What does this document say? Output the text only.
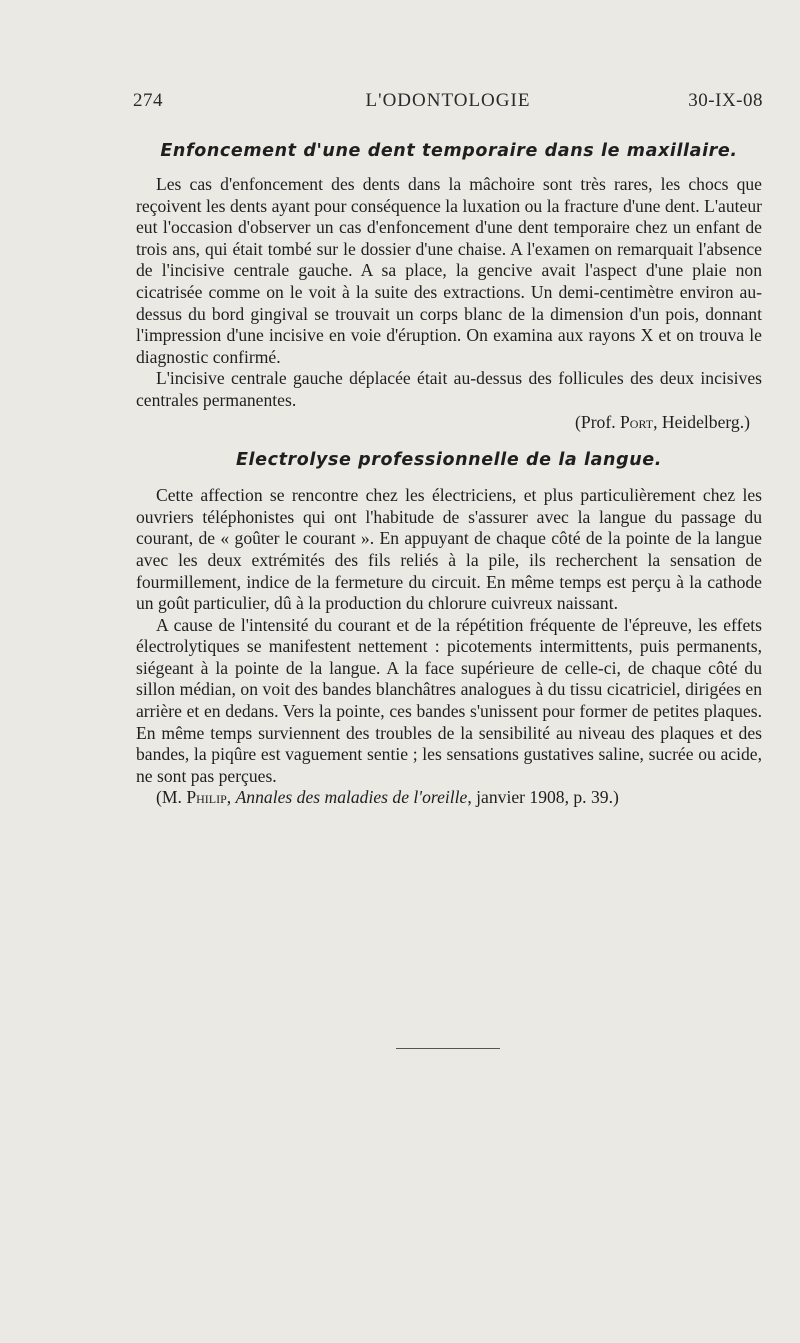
274	L'ODONTOLOGIE	30-IX-08
Enfoncement d'une dent temporaire dans le maxillaire.

Les cas d'enfoncement des dents dans la mâchoire sont très rares, les chocs que reçoivent les dents ayant pour conséquence la luxation ou la fracture d'une dent. L'auteur eut l'occasion d'observer un cas d'enfoncement d'une dent temporaire chez un enfant de trois ans, qui était tombé sur le dossier d'une chaise. A l'examen on remarquait l'absence de l'incisive centrale gauche. A sa place, la gencive avait l'aspect d'une plaie non cicatrisée comme on le voit à la suite des extractions. Un demi-centimètre environ au-dessus du bord gingival se trouvait un corps blanc de la dimension d'un pois, donnant l'impression d'une incisive en voie d'éruption. On examina aux rayons X et on trouva le diagnostic confirmé.

L'incisive centrale gauche déplacée était au-dessus des follicules des deux incisives centrales permanentes.

(Prof. Port, Heidelberg.)

Electrolyse professionnelle de la langue.

Cette affection se rencontre chez les électriciens, et plus particulièrement chez les ouvriers téléphonistes qui ont l'habitude de s'assurer avec la langue du passage du courant, de « goûter le courant ». En appuyant de chaque côté de la pointe de la langue avec les deux extrémités des fils reliés à la pile, ils recherchent la sensation de fourmillement, indice de la fermeture du circuit. En même temps est perçu à la cathode un goût particulier, dû à la production du chlorure cuivreux naissant.

A cause de l'intensité du courant et de la répétition fréquente de l'épreuve, les effets électrolytiques se manifestent nettement : picotements intermittents, puis permanents, siégeant à la pointe de la langue. A la face supérieure de celle-ci, de chaque côté du sillon médian, on voit des bandes blanchâtres analogues à du tissu cicatriciel, dirigées en arrière et en dedans. Vers la pointe, ces bandes s'unissent pour former de petites plaques. En même temps surviennent des troubles de la sensibilité au niveau des plaques et des bandes, la piqûre est vaguement sentie ; les sensations gustatives saline, sucrée ou acide, ne sont pas perçues.

(M. Philip, Annales des maladies de l'oreille, janvier 1908, p. 39.)
